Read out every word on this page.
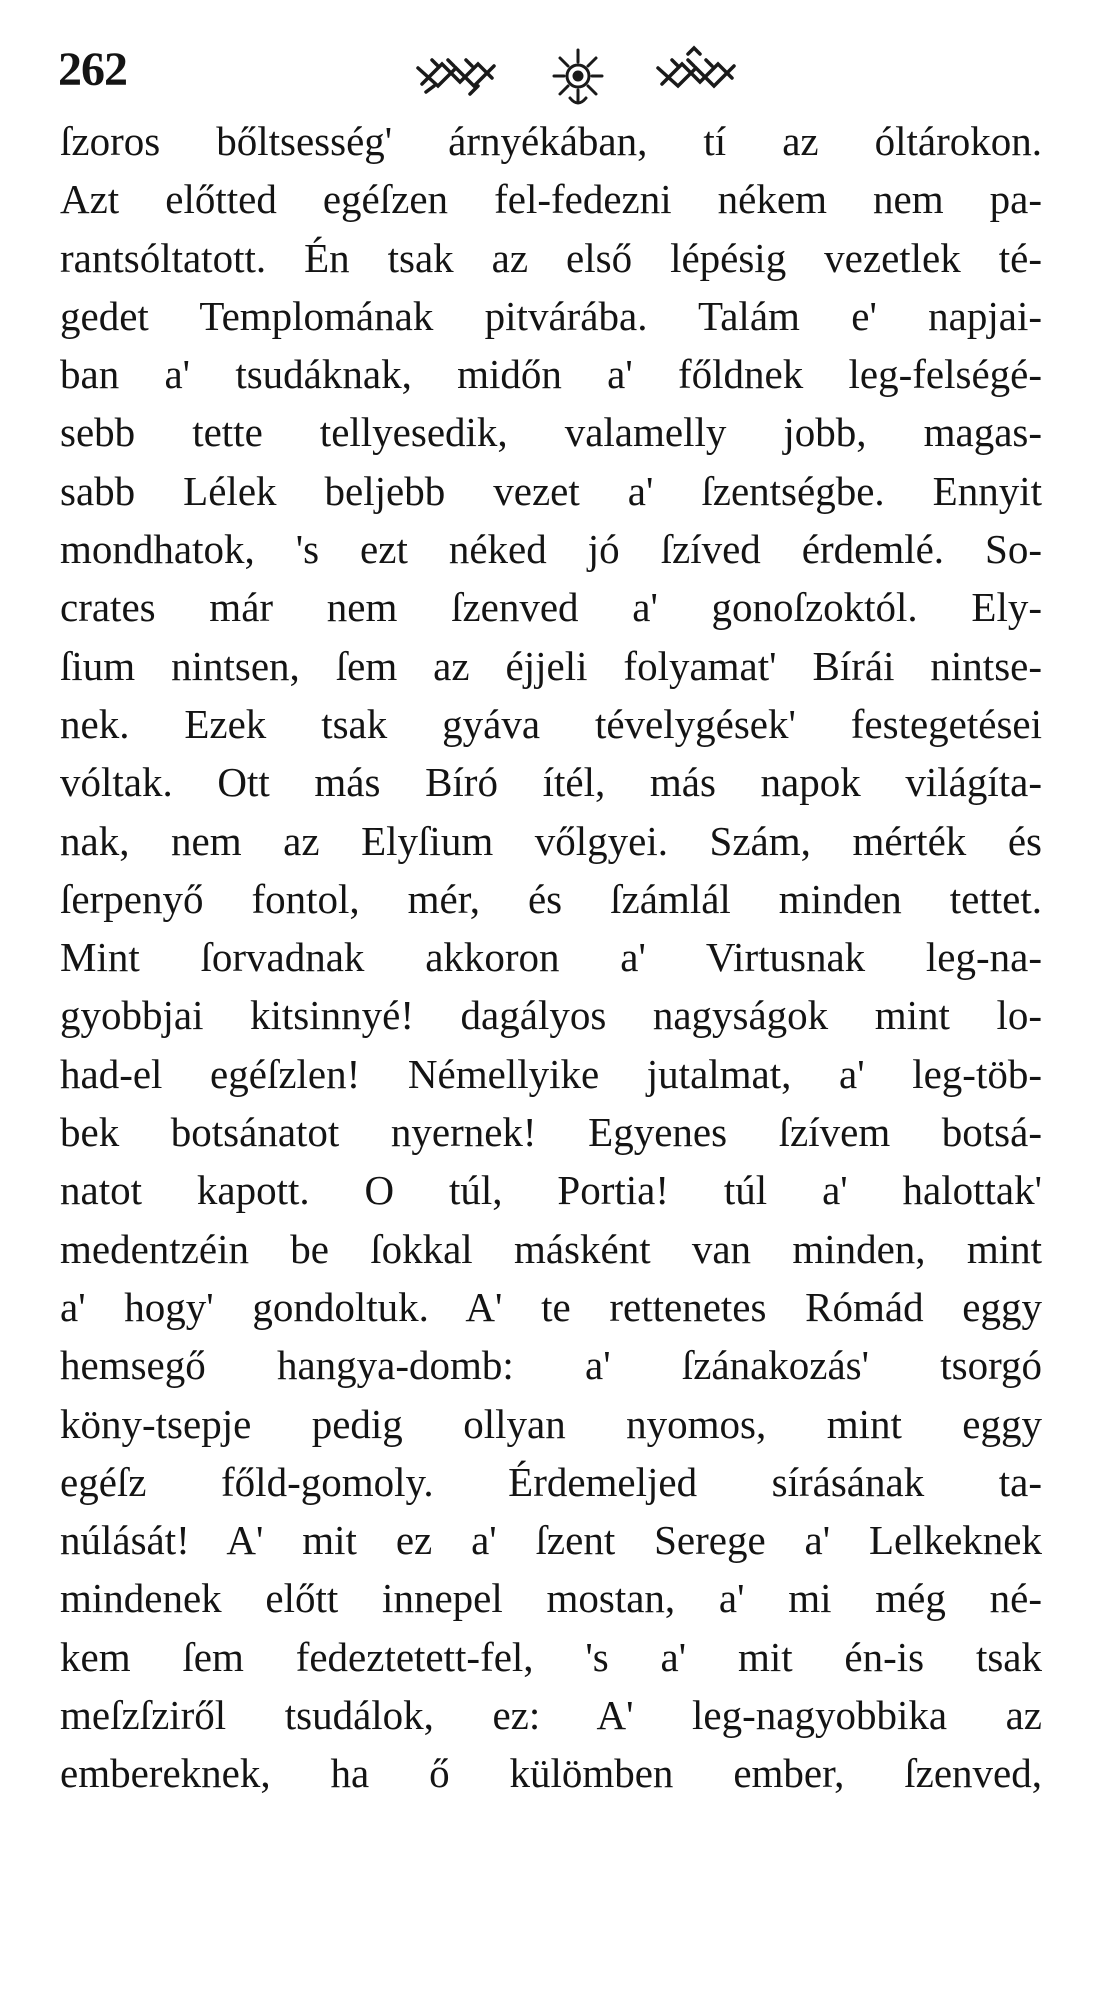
262
ſzoros bőltsesség' árnyékában, tí az óltárokon.
Azt előtted egéſzen fel-fedezni nékem nem pa-
rantsóltatott. Én tsak az első lépésig vezetlek té-
gedet Templomának pitvárába. Talám e' napjai-
ban a' tsudáknak, midőn a' főldnek leg-felségé-
sebb tette tellyesedik, valamelly jobb, magas-
sabb Lélek beljebb vezet a' ſzentségbe. Ennyit
mondhatok, 's ezt néked jó ſzíved érdemlé. So-
crates már nem ſzenved a' gonoſzoktól. Ely-
ſium nintsen, ſem az éjjeli folyamat' Bírái nintse-
nek. Ezek tsak gyáva tévelygések' festegetései
vóltak. Ott más Bíró ítél, más napok világíta-
nak, nem az Elyſium vőlgyei. Szám, mérték és
ſerpenyő fontol, mér, és ſzámlál minden tettet.
Mint ſorvadnak akkoron a' Virtusnak leg-na-
gyobbjai kitsinnyé! dagályos nagyságok mint lo-
had-el egéſzlen! Némellyike jutalmat, a' leg-töb-
bek botsánatot nyernek! Egyenes ſzívem botsá-
natot kapott. O túl, Portia! túl a' halottak'
medentzéin be ſokkal másként van minden, mint
a' hogy' gondoltuk. A' te rettenetes Rómád eggy
hemsegő hangya-domb: a' ſzánakozás' tsorgó
köny-tsepje pedig ollyan nyomos, mint eggy
egéſz főld-gomoly. Érdemeljed sírásának ta-
núlását! A' mit ez a' ſzent Serege a' Lelkeknek
mindenek előtt innepel mostan, a' mi még né-
kem ſem fedeztetett-fel, 's a' mit én-is tsak
meſzſziről tsudálok, ez: A' leg-nagyobbika az
embereknek, ha ő külömben ember, ſzenved,
